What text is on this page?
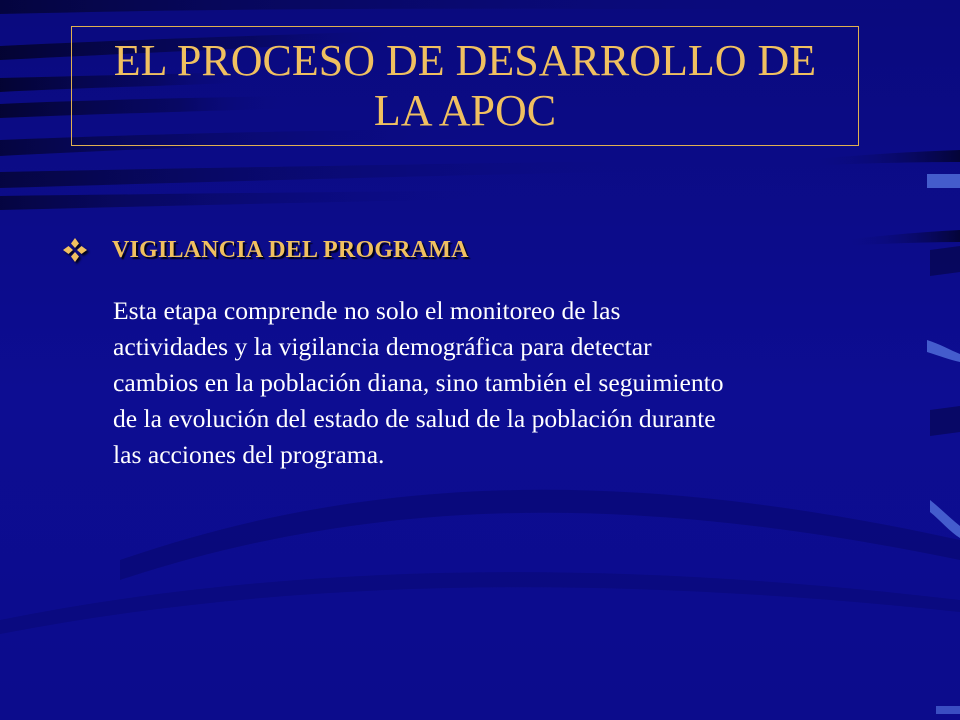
EL PROCESO DE DESARROLLO DE LA APOC
VIGILANCIA DEL PROGRAMA
Esta etapa comprende no solo el monitoreo de las
actividades y la vigilancia demográfica para detectar
cambios en la población diana, sino también el seguimiento
de la evolución del estado de salud de la población durante
las acciones del programa.
